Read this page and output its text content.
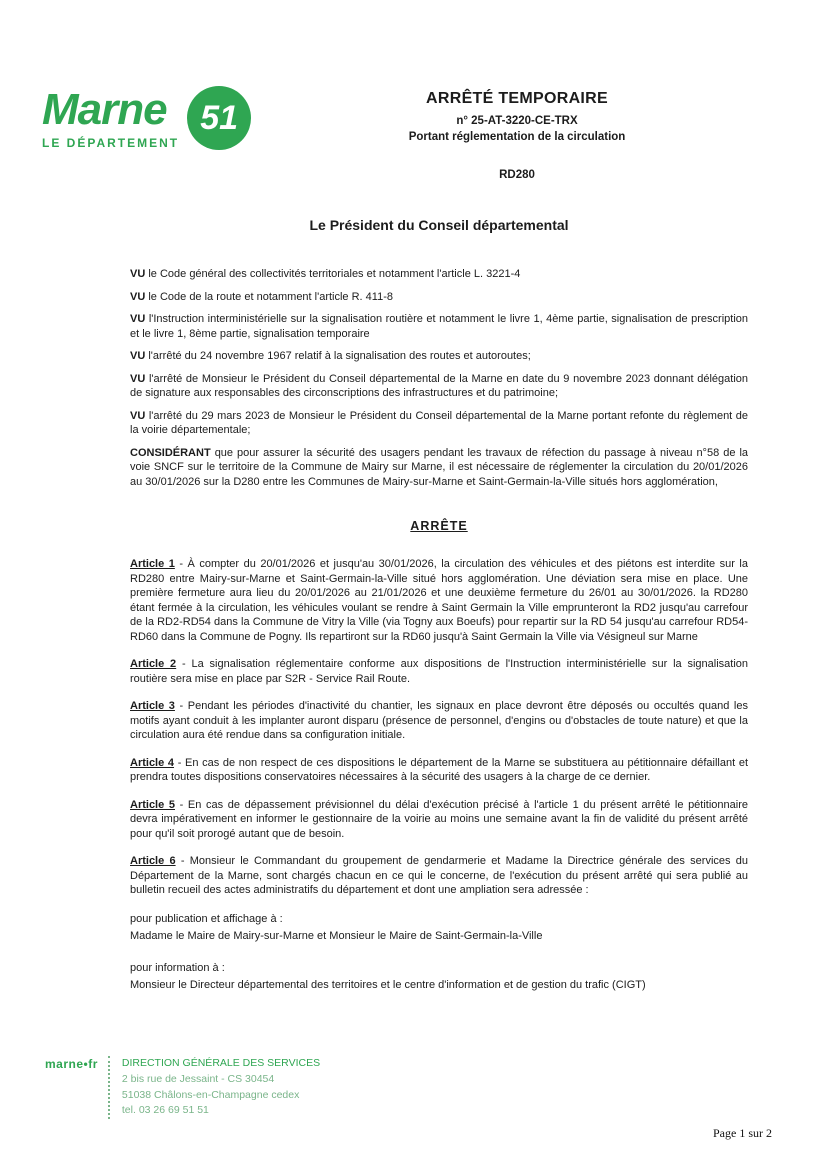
Marne
LE DÉPARTEMENT
51
ARRÊTÉ TEMPORAIRE
n° 25-AT-3220-CE-TRX
Portant réglementation de la circulation
RD280
Le Président du Conseil départemental

VU le Code général des collectivités territoriales et notamment l'article L. 3221-4

VU le Code de la route et notamment l'article R. 411-8

VU l'Instruction interministérielle sur la signalisation routière et notamment le livre 1, 4ème partie, signalisation de prescription et le livre 1, 8ème partie, signalisation temporaire

VU l'arrêté du 24 novembre 1967 relatif à la signalisation des routes et autoroutes;

VU l'arrêté de Monsieur le Président du Conseil départemental de la Marne en date du 9 novembre 2023 donnant délégation de signature aux responsables des circonscriptions des infrastructures et du patrimoine;

VU l'arrêté du 29 mars 2023 de Monsieur le Président du Conseil départemental de la Marne portant refonte du règlement de la voirie départementale;

CONSIDÉRANT que pour assurer la sécurité des usagers pendant les travaux de réfection du passage à niveau n°58 de la voie SNCF sur le territoire de la Commune de Mairy sur Marne, il est nécessaire de réglementer la circulation du 20/01/2026 au 30/01/2026 sur la D280 entre les Communes de Mairy-sur-Marne et Saint-Germain-la-Ville situés hors agglomération,

ARRÊTE

Article 1 - À compter du 20/01/2026 et jusqu'au 30/01/2026, la circulation des véhicules et des piétons est interdite sur la RD280 entre Mairy-sur-Marne et Saint-Germain-la-Ville situé hors agglomération. Une déviation sera mise en place. Une première fermeture aura lieu du 20/01/2026 au 21/01/2026 et une deuxième fermeture du 26/01 au 30/01/2026. la RD280 étant fermée à la circulation, les véhicules voulant se rendre à Saint Germain la Ville emprunteront la RD2 jusqu'au carrefour de la RD2-RD54 dans la Commune de Vitry la Ville (via Togny aux Boeufs) pour repartir sur la RD 54 jusqu'au carrefour RD54-RD60 dans la Commune de Pogny. Ils repartiront sur la RD60 jusqu'à Saint Germain la Ville via Vésigneul sur Marne

Article 2 - La signalisation réglementaire conforme aux dispositions de l'Instruction interministérielle sur la signalisation routière sera mise en place par S2R - Service Rail Route.

Article 3 - Pendant les périodes d'inactivité du chantier, les signaux en place devront être déposés ou occultés quand les motifs ayant conduit à les implanter auront disparu (présence de personnel, d'engins ou d'obstacles de toute nature) et que la circulation aura été rendue dans sa configuration initiale.

Article 4 - En cas de non respect de ces dispositions le département de la Marne se substituera au pétitionnaire défaillant et prendra toutes dispositions conservatoires nécessaires à la sécurité des usagers à la charge de ce dernier.

Article 5 - En cas de dépassement prévisionnel du délai d'exécution précisé à l'article 1 du présent arrêté le pétitionnaire devra impérativement en informer le gestionnaire de la voirie au moins une semaine avant la fin de validité du présent arrêté pour qu'il soit prorogé autant que de besoin.

Article 6 - Monsieur le Commandant du groupement de gendarmerie et Madame la Directrice générale des services du Département de la Marne, sont chargés chacun en ce qui le concerne, de l'exécution du présent arrêté qui sera publié au bulletin recueil des actes administratifs du département et dont une ampliation sera adressée :

pour publication et affichage à :
Madame le Maire de Mairy-sur-Marne et Monsieur le Maire de Saint-Germain-la-Ville
pour information à :
Monsieur le Directeur départemental des territoires et le centre d'information et de gestion du trafic (CIGT)
marne•fr DIRECTION GÉNÉRALE DES SERVICES
2 bis rue de Jessaint - CS 30454
51038 Châlons-en-Champagne cedex
tel. 03 26 69 51 51
Page 1 sur 2
